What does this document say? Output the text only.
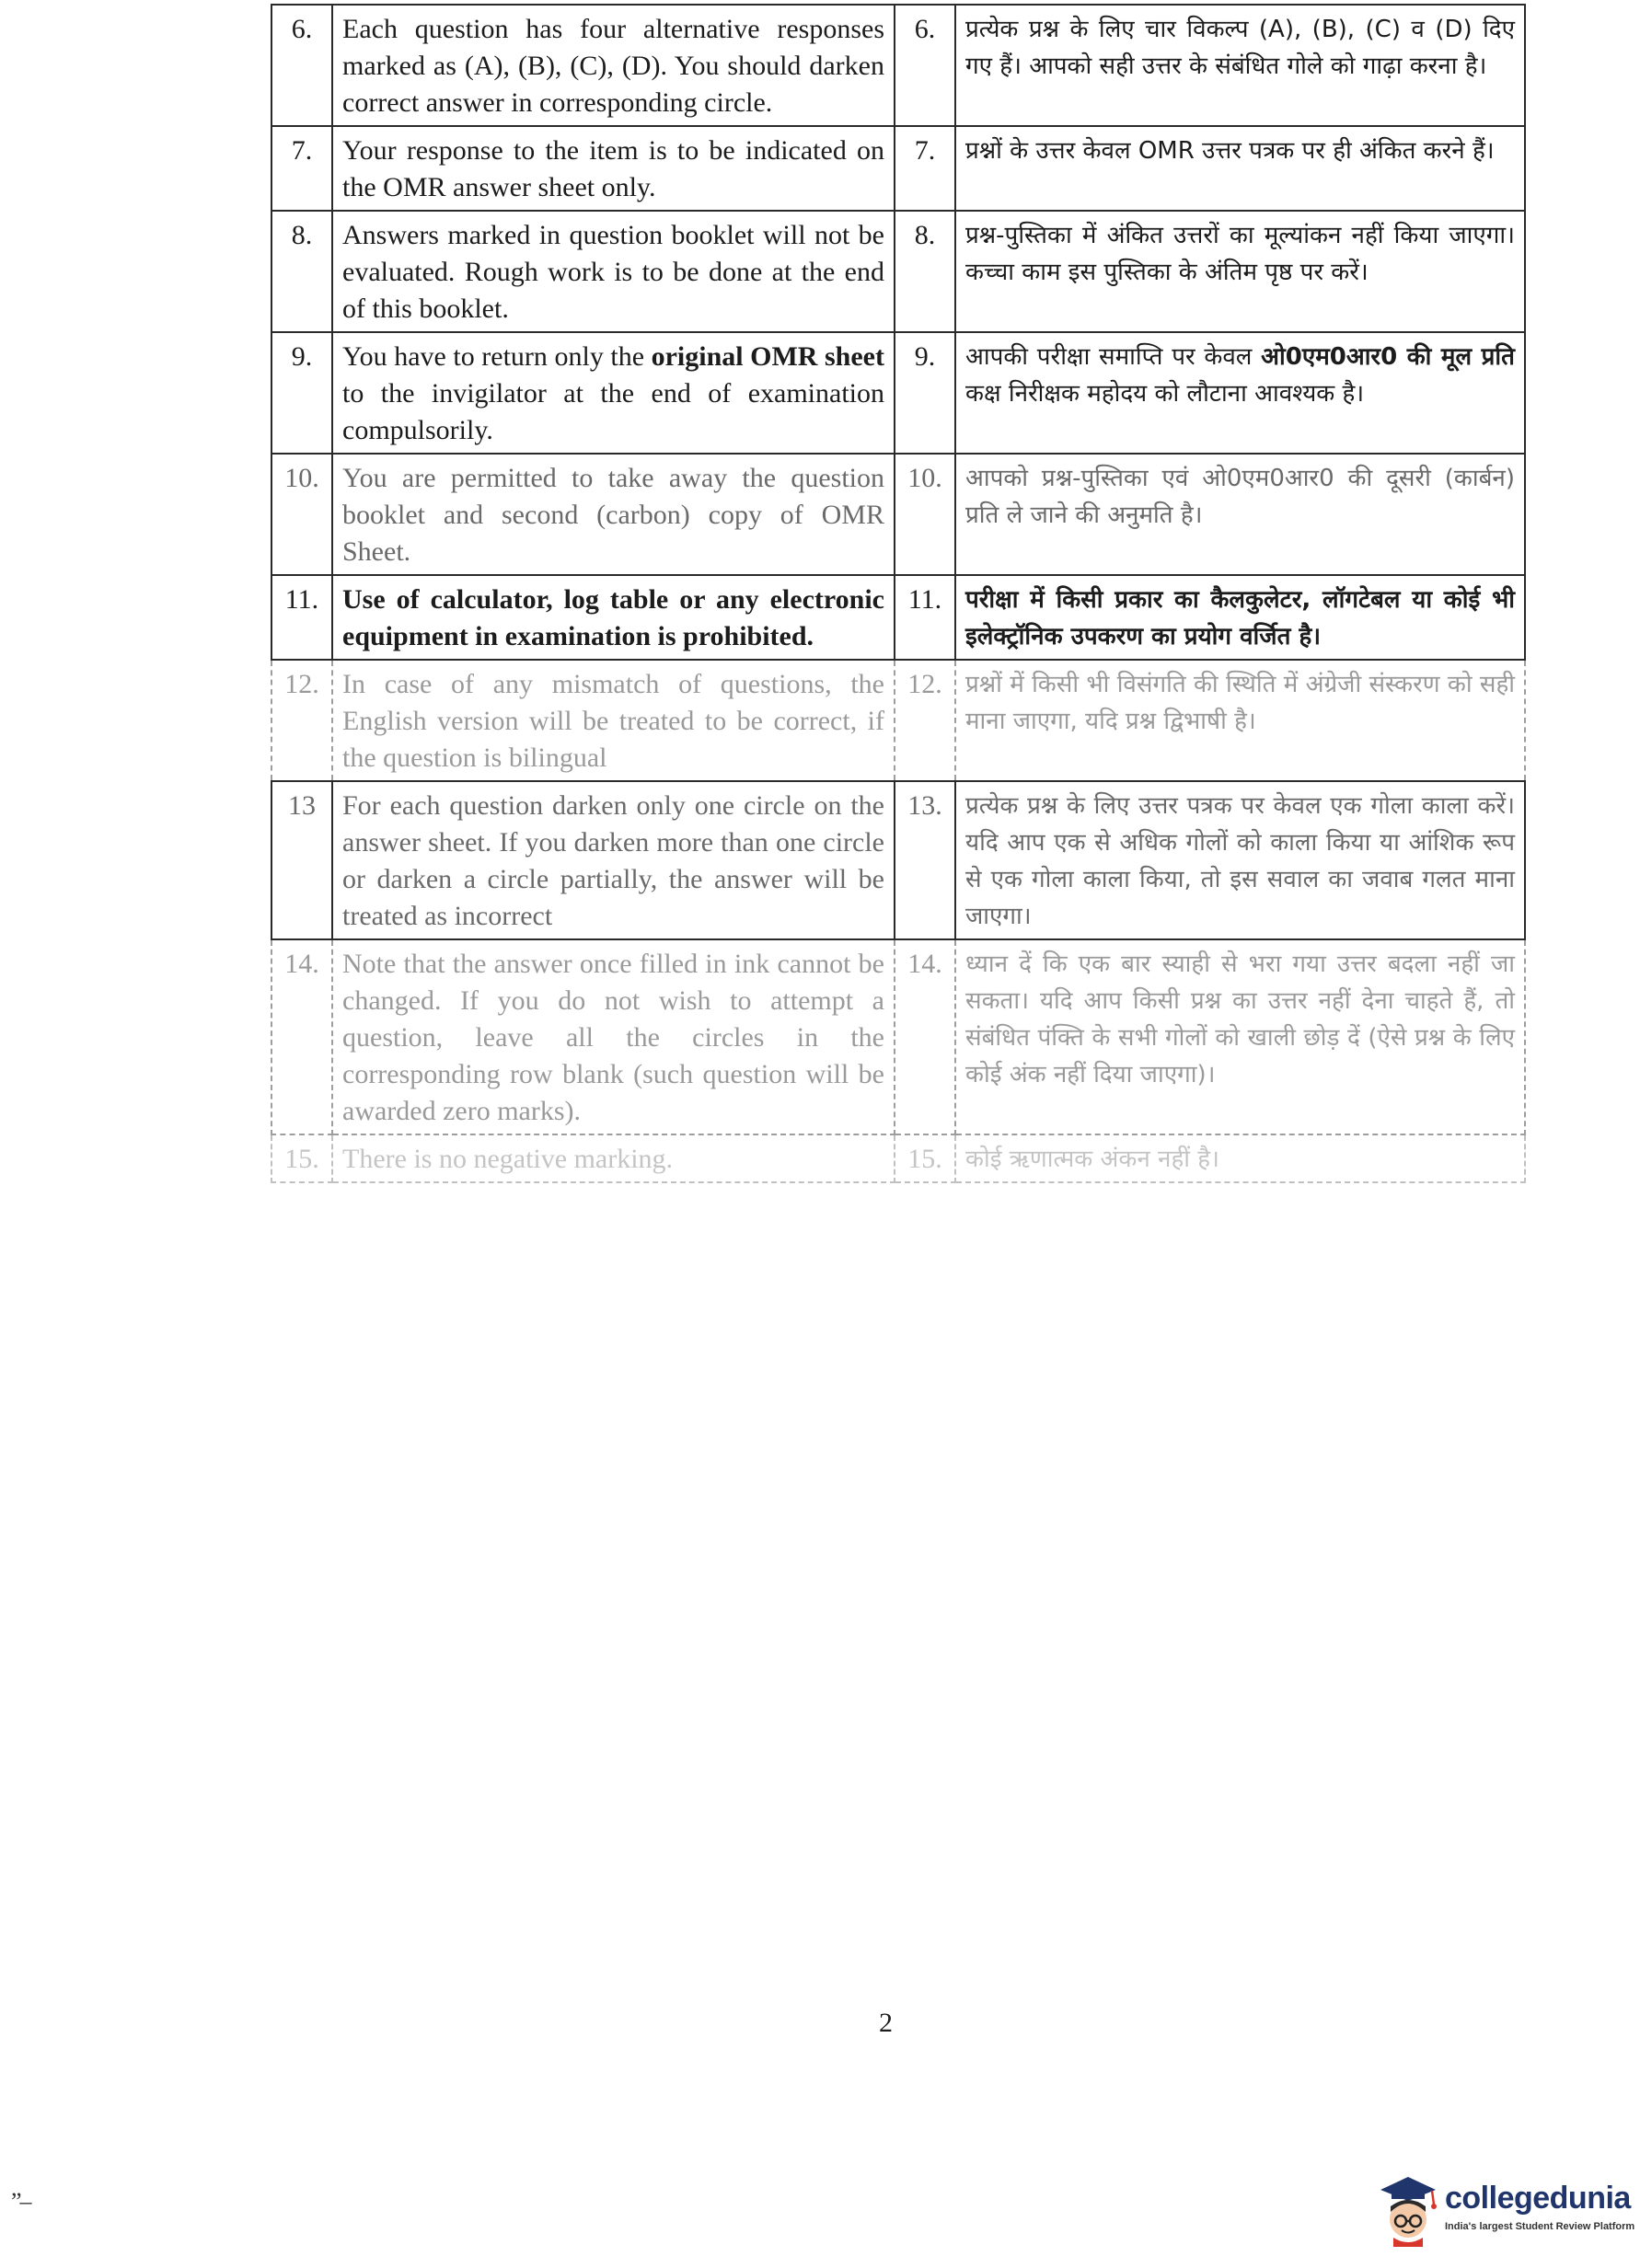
6.	Each question has four alternative responses marked as (A), (B), (C), (D). You should darken correct answer in corresponding circle.	6.	प्रत्येक प्रश्न के लिए चार विकल्प (A), (B), (C) व (D) दिए गए हैं। आपको सही उत्तर के संबंधित गोले को गाढ़ा करना है।
7.	Your response to the item is to be indicated on the OMR answer sheet only.	7.	प्रश्नों के उत्तर केवल OMR उत्तर पत्रक पर ही अंकित करने हैं।
8.	Answers marked in question booklet will not be evaluated. Rough work is to be done at the end of this booklet.	8.	प्रश्न-पुस्तिका में अंकित उत्तरों का मूल्यांकन नहीं किया जाएगा। कच्चा काम इस पुस्तिका के अंतिम पृष्ठ पर करें।
9.	You have to return only the original OMR sheet to the invigilator at the end of examination compulsorily.	9.	आपकी परीक्षा समाप्ति पर केवल ओ0एम0आर0 की मूल प्रति कक्ष निरीक्षक महोदय को लौटाना आवश्यक है।
10.	You are permitted to take away the question booklet and second (carbon) copy of OMR Sheet.	10.	आपको प्रश्न-पुस्तिका एवं ओ0एम0आर0 की दूसरी (कार्बन) प्रति ले जाने की अनुमति है।
11.	Use of calculator, log table or any electronic equipment in examination is prohibited.	11.	परीक्षा में किसी प्रकार का कैलकुलेटर, लॉगटेबल या कोई भी इलेक्ट्रॉनिक उपकरण का प्रयोग वर्जित है।
12.	In case of any mismatch of questions, the English version will be treated to be correct, if the question is bilingual	12.	प्रश्नों में किसी भी विसंगति की स्थिति में अंग्रेजी संस्करण को सही माना जाएगा, यदि प्रश्न द्विभाषी है।
13	For each question darken only one circle on the answer sheet. If you darken more than one circle or darken a circle partially, the answer will be treated as incorrect	13.	प्रत्येक प्रश्न के लिए उत्तर पत्रक पर केवल एक गोला काला करें। यदि आप एक से अधिक गोलों को काला किया या आंशिक रूप से एक गोला काला किया, तो इस सवाल का जवाब गलत माना जाएगा।
14.	Note that the answer once filled in ink cannot be changed. If you do not wish to attempt a question, leave all the circles in the corresponding row blank (such question will be awarded zero marks).	14.	ध्यान दें कि एक बार स्याही से भरा गया उत्तर बदला नहीं जा सकता। यदि आप किसी प्रश्न का उत्तर नहीं देना चाहते हैं, तो संबंधित पंक्ति के सभी गोलों को खाली छोड़ दें (ऐसे प्रश्न के लिए कोई अंक नहीं दिया जाएगा)।
15.	There is no negative marking.	15.	कोई ऋणात्मक अंकन नहीं है।
2
”–	collegedunia
India's largest Student Review Platform
